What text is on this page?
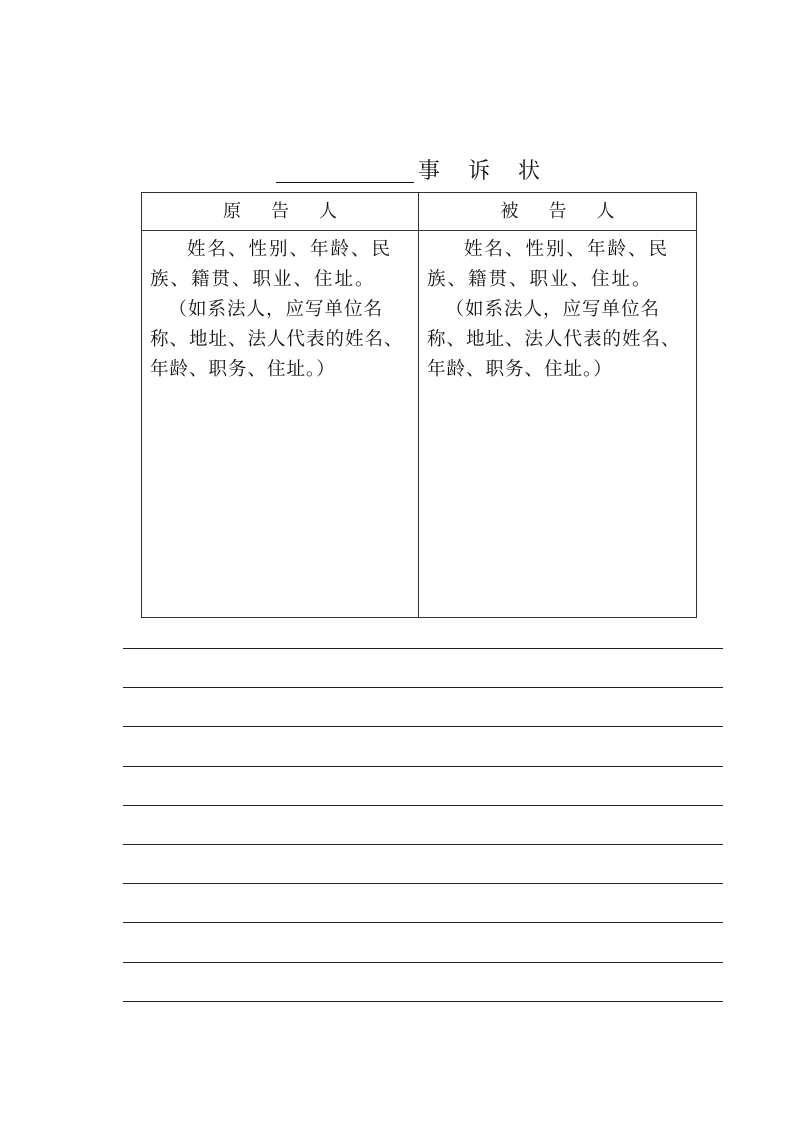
事诉状
原告人

姓名、性别、年龄、民族、籍贯、职业、住址。

（如系法人，应写单位名称、地址、法人代表的姓名、年龄、职务、住址。）

被告人

姓名、性别、年龄、民族、籍贯、职业、住址。

（如系法人，应写单位名称、地址、法人代表的姓名、年龄、职务、住址。）
